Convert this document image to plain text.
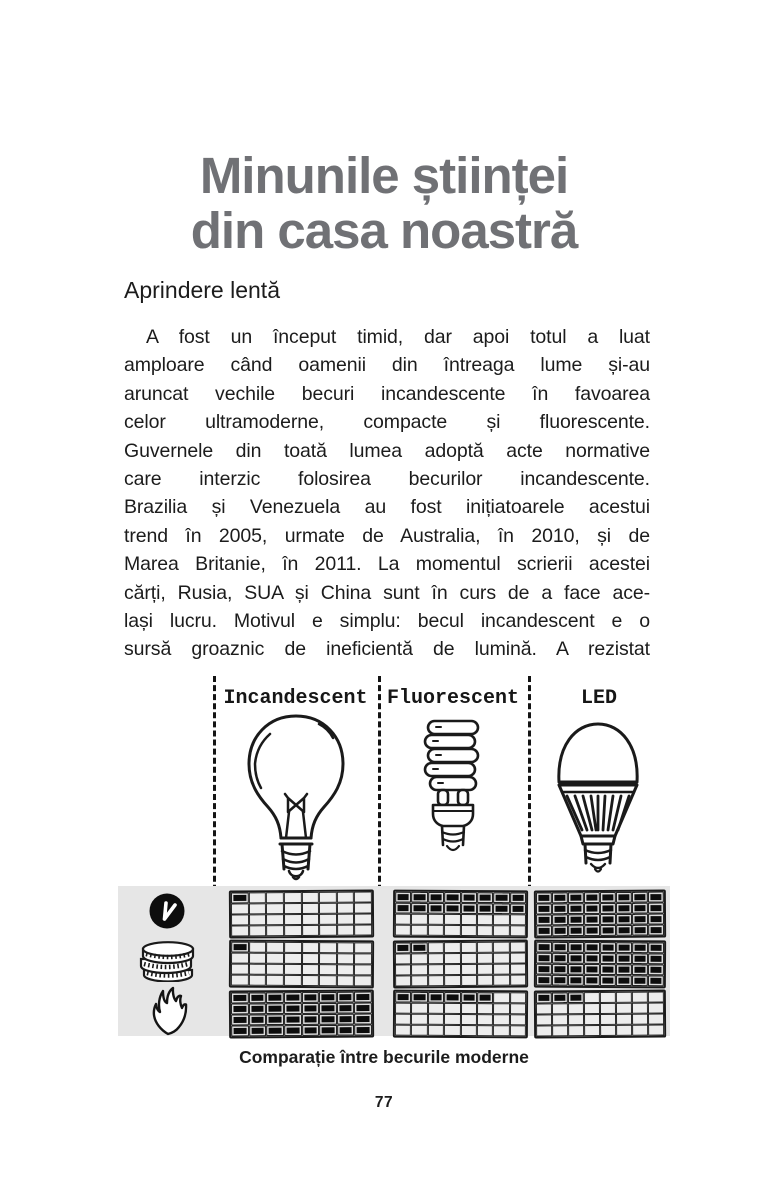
Minunile științei
din casa noastră
Aprindere lentă
A fost un început timid, dar apoi totul a luat
amploare când oamenii din întreaga lume și-au
aruncat vechile becuri incandescente în favoarea
celor ultramoderne, compacte și fluorescente.
Guvernele din toată lumea adoptă acte normative
care interzic folosirea becurilor incandescente.
Brazilia și Venezuela au fost inițiatoarele acestui
trend în 2005, urmate de Australia, în 2010, și de
Marea Britanie, în 2011. La momentul scrierii acestei
cărți, Rusia, SUA și China sunt în curs de a face ace-
lași lucru. Motivul e simplu: becul incandescent e o
sursă groaznic de ineficientă de lumină. A rezistat
Incandescent Fluorescent	LED
Comparație între becurile moderne
77
